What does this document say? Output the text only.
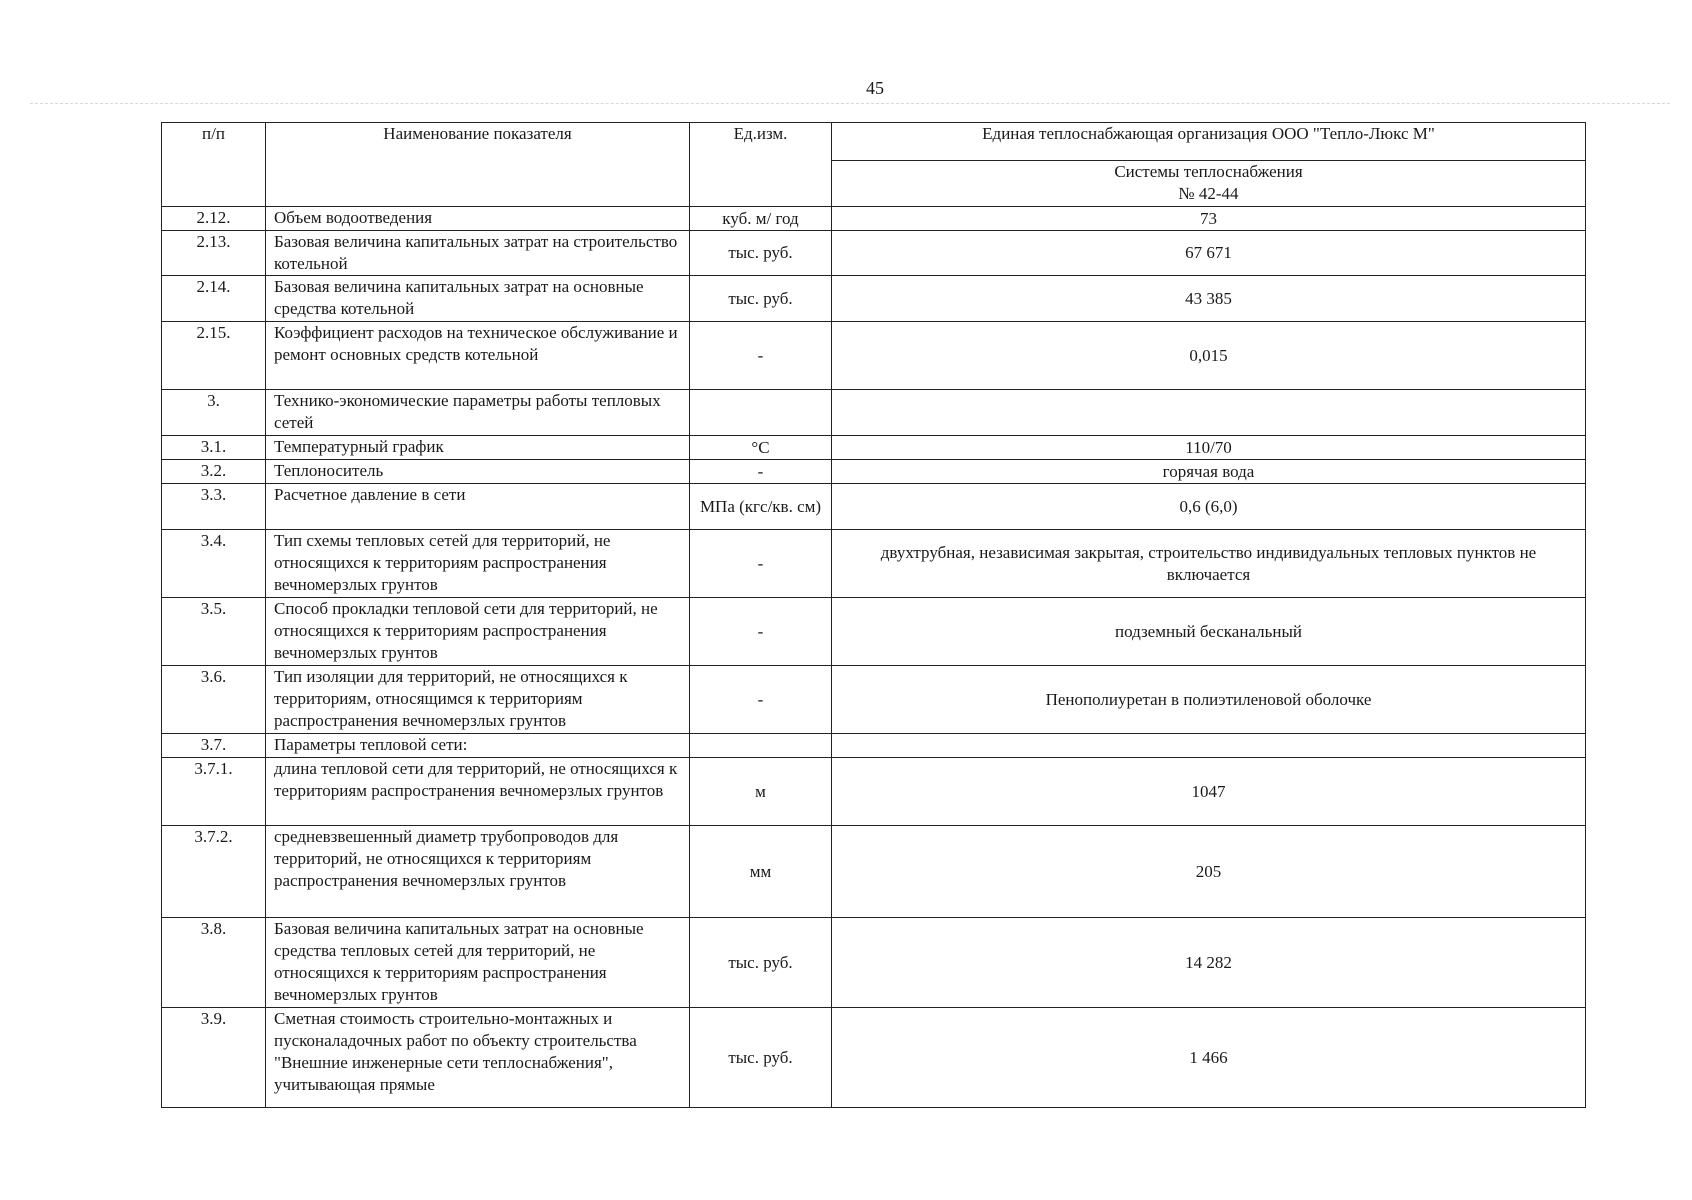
45
п/п	Наименование показателя	Ед.изм.	Единая теплоснабжающая организация ООО "Тепло-Люкс М"
			Системы теплоснабжения
№ 42-44
2.12.	Объем водоотведения	куб. м/ год	73
2.13.	Базовая величина капитальных затрат на строительство котельной	тыс. руб.	67 671
2.14.	Базовая величина капитальных затрат на основные средства котельной	тыс. руб.	43 385
2.15.	Коэффициент расходов на техническое обслуживание и ремонт основных средств котельной	-	0,015
3.	Технико-экономические параметры работы тепловых сетей		
3.1.	Температурный график	°C	110/70
3.2.	Теплоноситель	-	горячая вода
3.3.	Расчетное давление в сети	МПа (кгс/кв. см)	0,6 (6,0)
3.4.	Тип схемы тепловых сетей для территорий, не относящихся к территориям распространения вечномерзлых грунтов	-	двухтрубная, независимая закрытая, строительство индивидуальных тепловых пунктов не включается
3.5.	Способ прокладки тепловой сети для территорий, не относящихся к территориям распространения вечномерзлых грунтов	-	подземный бесканальный
3.6.	Тип изоляции для территорий, не относящихся к территориям, относящимся к территориям распространения вечномерзлых грунтов	-	Пенополиуретан в полиэтиленовой оболочке
3.7.	Параметры тепловой сети:		
3.7.1.	длина тепловой сети для территорий, не относящихся к территориям распространения вечномерзлых грунтов	м	1047
3.7.2.	средневзвешенный диаметр трубопроводов для территорий, не относящихся к территориям распространения вечномерзлых грунтов	мм	205
3.8.	Базовая величина капитальных затрат на основные средства тепловых сетей для территорий, не относящихся к территориям распространения вечномерзлых грунтов	тыс. руб.	14 282
3.9.	Сметная стоимость строительно-монтажных и пусконаладочных работ по объекту строительства "Внешние инженерные сети теплоснабжения", учитывающая прямые	тыс. руб.	1 466
